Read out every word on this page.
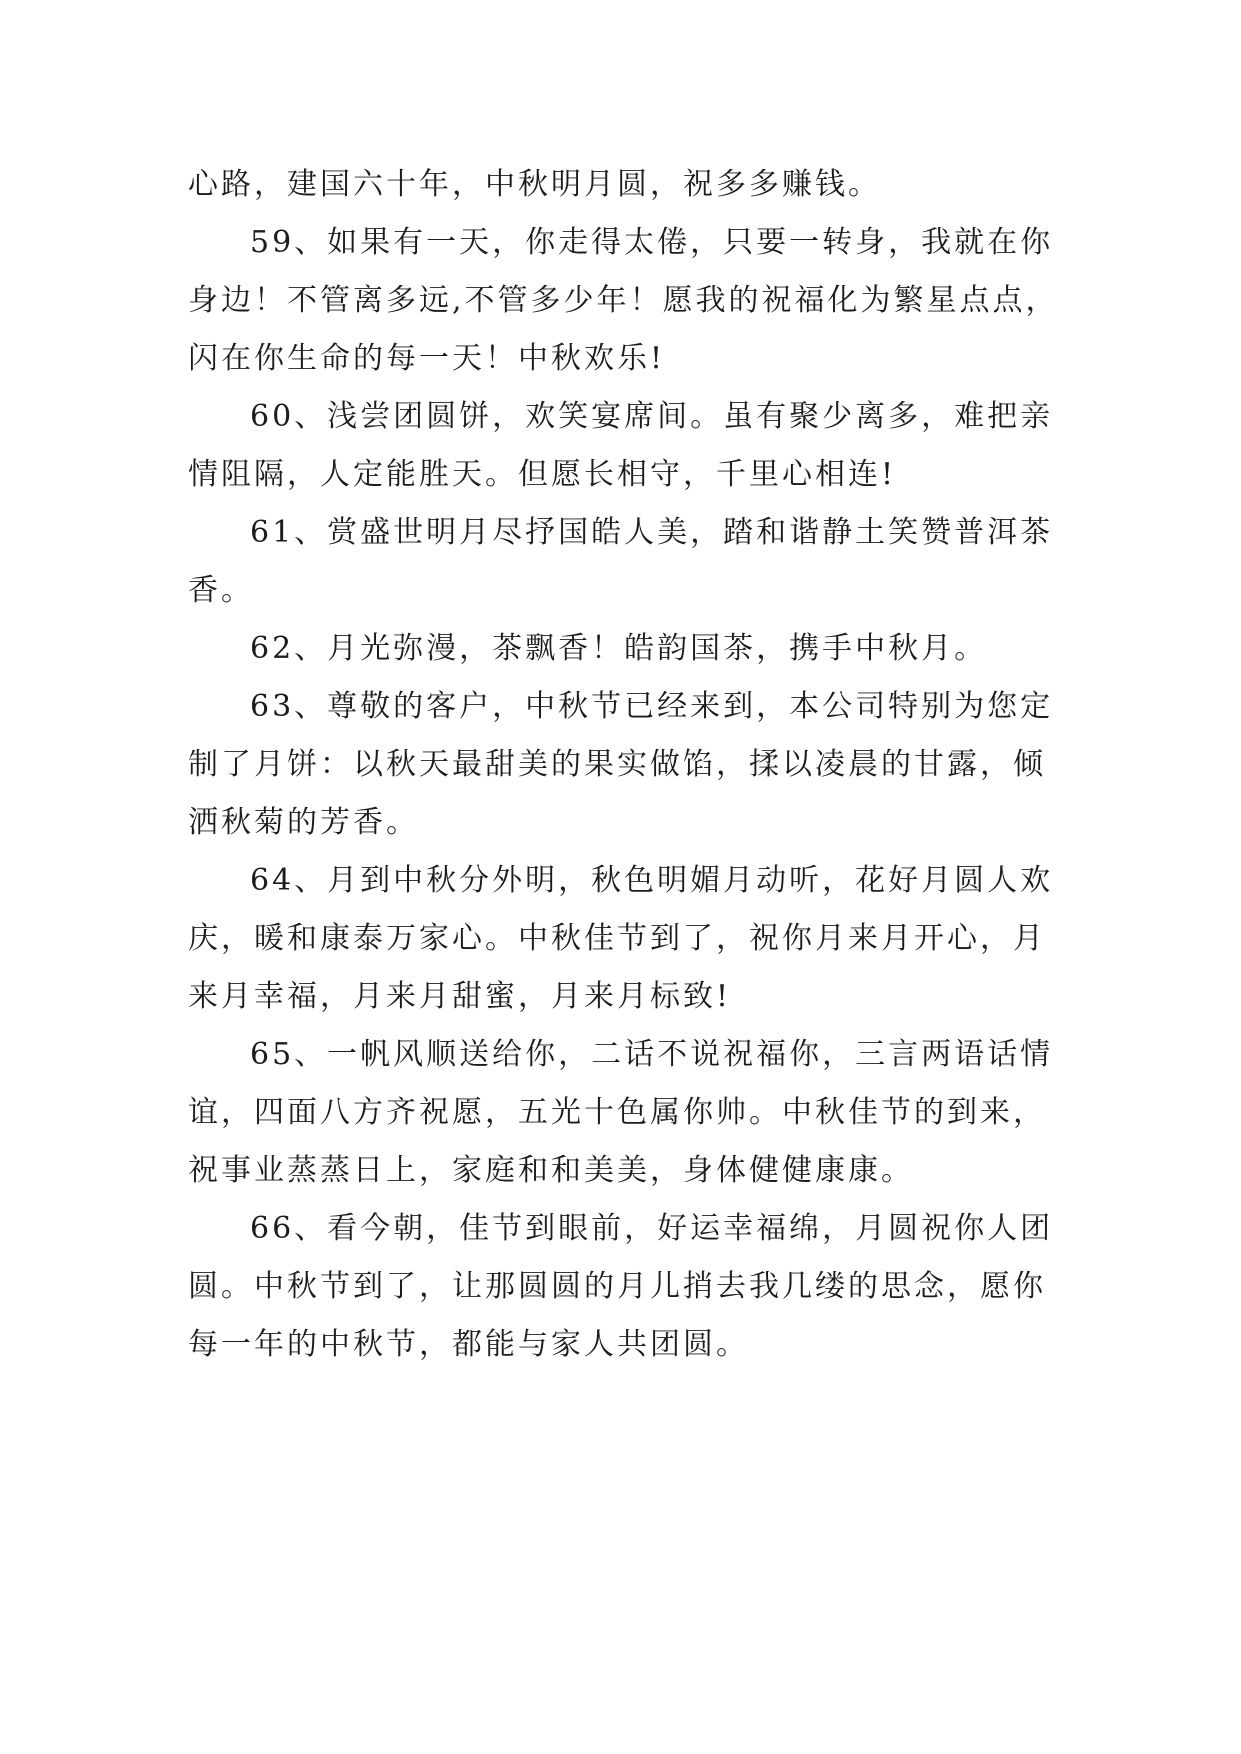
心路，建国六十年，中秋明月圆，祝多多赚钱。

59、如果有一天，你走得太倦，只要一转身，我就在你
身边！不管离多远,不管多少年！愿我的祝福化为繁星点点，
闪在你生命的每一天！中秋欢乐!

60、浅尝团圆饼，欢笑宴席间。虽有聚少离多，难把亲
情阻隔，人定能胜天。但愿长相守，千里心相连!

61、赏盛世明月尽抒国皓人美，踏和谐静土笑赞普洱茶
香。

62、月光弥漫，茶飘香！皓韵国茶，携手中秋月。

63、尊敬的客户，中秋节已经来到，本公司特别为您定
制了月饼：以秋天最甜美的果实做馅，揉以凌晨的甘露，倾
洒秋菊的芳香。

64、月到中秋分外明，秋色明媚月动听，花好月圆人欢
庆，暖和康泰万家心。中秋佳节到了，祝你月来月开心，月
来月幸福，月来月甜蜜，月来月标致!

65、一帆风顺送给你，二话不说祝福你，三言两语话情
谊，四面八方齐祝愿，五光十色属你帅。中秋佳节的到来，
祝事业蒸蒸日上，家庭和和美美，身体健健康康。

66、看今朝，佳节到眼前，好运幸福绵，月圆祝你人团
圆。中秋节到了，让那圆圆的月儿捎去我几缕的思念，愿你
每一年的中秋节，都能与家人共团圆。
